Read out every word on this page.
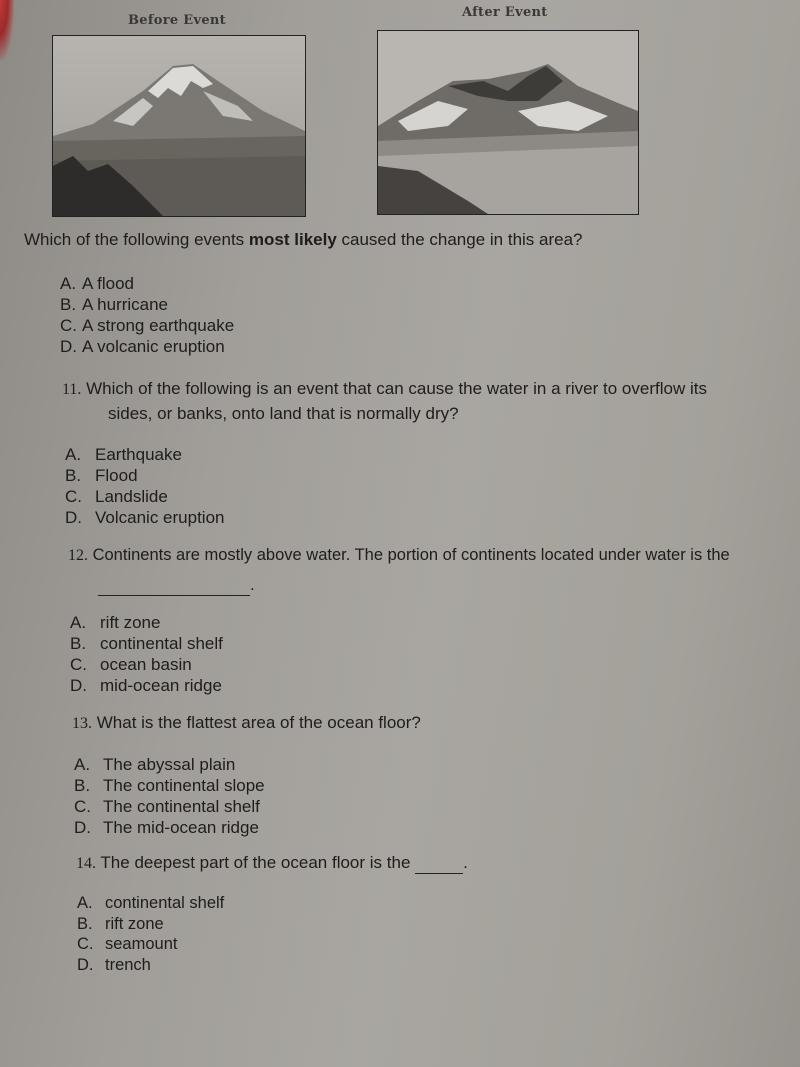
Before Event
After Event
Which of the following events most likely caused the change in this area?
A. A flood
B. A hurricane
C. A strong earthquake
D. A volcanic eruption
11. Which of the following is an event that can cause the water in a river to overflow its
sides, or banks, onto land that is normally dry?
A. Earthquake
B. Flood
C. Landslide
D. Volcanic eruption
12. Continents are mostly above water. The portion of continents located under water is the
.
A. rift zone
B. continental shelf
C. ocean basin
D. mid-ocean ridge
13. What is the flattest area of the ocean floor?
A. The abyssal plain
B. The continental slope
C. The continental shelf
D. The mid-ocean ridge
14. The deepest part of the ocean floor is the	.
A. continental shelf
B. rift zone
C. seamount
D. trench
